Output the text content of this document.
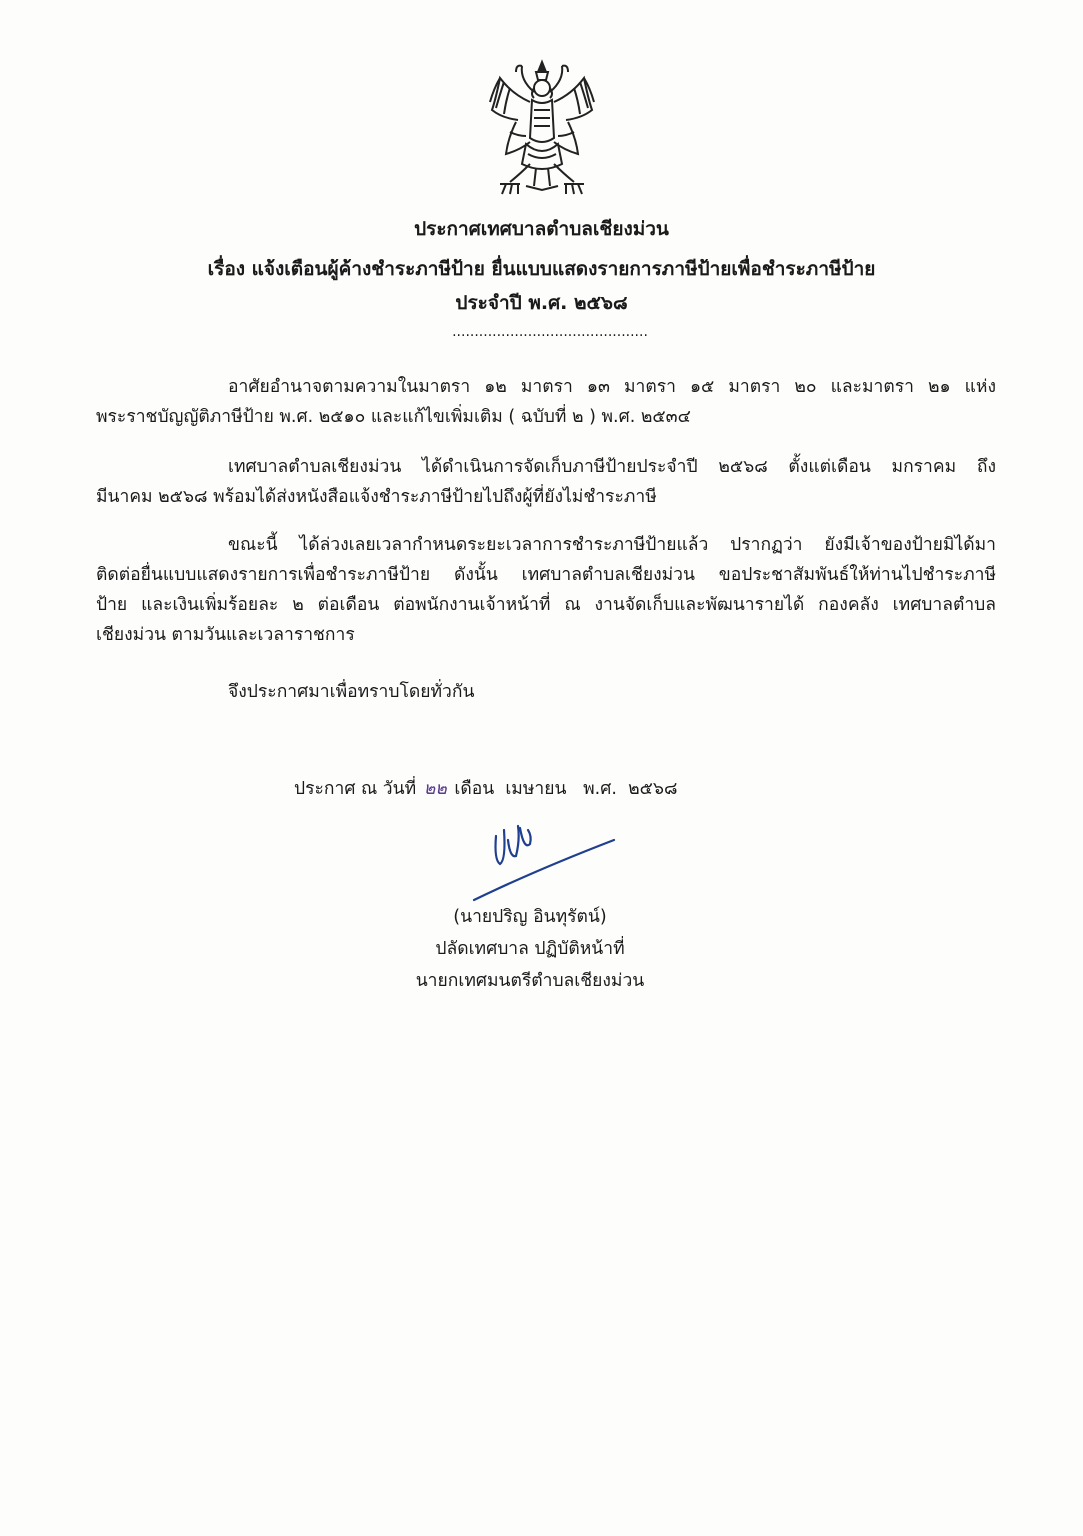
ประกาศเทศบาลตำบลเชียงม่วน
เรื่อง แจ้งเตือนผู้ค้างชำระภาษีป้าย ยื่นแบบแสดงรายการภาษีป้ายเพื่อชำระภาษีป้าย
ประจำปี พ.ศ. ๒๕๖๘
............................................
อาศัยอำนาจตามความในมาตรา ๑๒ มาตรา ๑๓ มาตรา ๑๕ มาตรา ๒๐ และมาตรา ๒๑ แห่ง
พระราชบัญญัติภาษีป้าย พ.ศ. ๒๕๑๐ และแก้ไขเพิ่มเติม ( ฉบับที่ ๒ ) พ.ศ. ๒๕๓๔
เทศบาลตำบลเชียงม่วน ได้ดำเนินการจัดเก็บภาษีป้ายประจำปี ๒๕๖๘ ตั้งแต่เดือน มกราคม ถึง
มีนาคม ๒๕๖๘ พร้อมได้ส่งหนังสือแจ้งชำระภาษีป้ายไปถึงผู้ที่ยังไม่ชำระภาษี
ขณะนี้ ได้ล่วงเลยเวลากำหนดระยะเวลาการชำระภาษีป้ายแล้ว ปรากฏว่า ยังมีเจ้าของป้ายมิได้มา
ติดต่อยื่นแบบแสดงรายการเพื่อชำระภาษีป้าย ดังนั้น เทศบาลตำบลเชียงม่วน ขอประชาสัมพันธ์ให้ท่านไปชำระภาษี
ป้าย และเงินเพิ่มร้อยละ ๒ ต่อเดือน ต่อพนักงานเจ้าหน้าที่ ณ งานจัดเก็บและพัฒนารายได้ กองคลัง เทศบาลตำบล
เชียงม่วน ตามวันและเวลาราชการ
จึงประกาศมาเพื่อทราบโดยทั่วกัน
ประกาศ ณ วันที่ ๒๒ เดือน เมษายน พ.ศ. ๒๕๖๘
(นายปริญ อินทุรัตน์)
ปลัดเทศบาล ปฏิบัติหน้าที่
นายกเทศมนตรีตำบลเชียงม่วน
